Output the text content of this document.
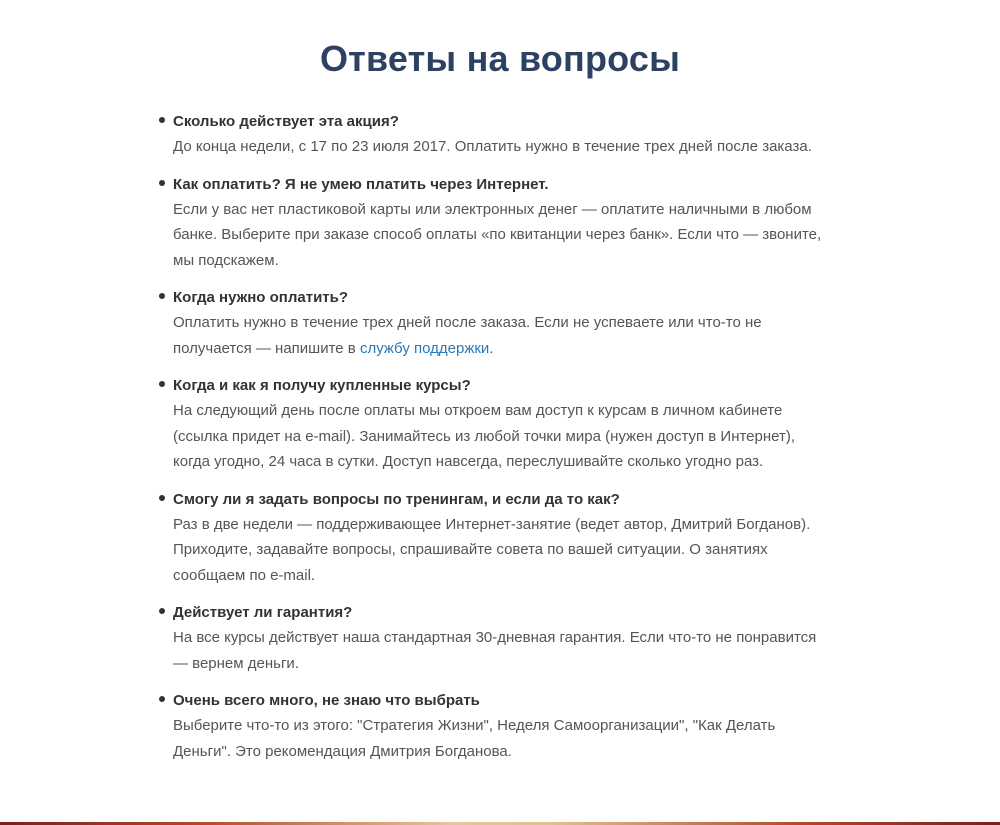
Ответы на вопросы

Сколько действует эта акция?

До конца недели, с 17 по 23 июля 2017. Оплатить нужно в течение трех дней после заказа.

Как оплатить? Я не умею платить через Интернет.

Если у вас нет пластиковой карты или электронных денег — оплатите наличными в любом банке. Выберите при заказе способ оплаты «по квитанции через банк». Если что — звоните, мы подскажем.

Когда нужно оплатить?

Оплатить нужно в течение трех дней после заказа. Если не успеваете или что-то не получается — напишите в службу поддержки.

Когда и как я получу купленные курсы?

На следующий день после оплаты мы откроем вам доступ к курсам в личном кабинете (ссылка придет на e-mail). Занимайтесь из любой точки мира (нужен доступ в Интернет), когда угодно, 24 часа в сутки. Доступ навсегда, переслушивайте сколько угодно раз.

Смогу ли я задать вопросы по тренингам, и если да то как?

Раз в две недели — поддерживающее Интернет-занятие (ведет автор, Дмитрий Богданов). Приходите, задавайте вопросы, спрашивайте совета по вашей ситуации. О занятиях сообщаем по e-mail.

Действует ли гарантия?

На все курсы действует наша стандартная 30-дневная гарантия. Если что-то не понравится — вернем деньги.

Очень всего много, не знаю что выбрать

Выберите что-то из этого: "Стратегия Жизни", Неделя Самоорганизации", "Как Делать Деньги". Это рекомендация Дмитрия Богданова.
